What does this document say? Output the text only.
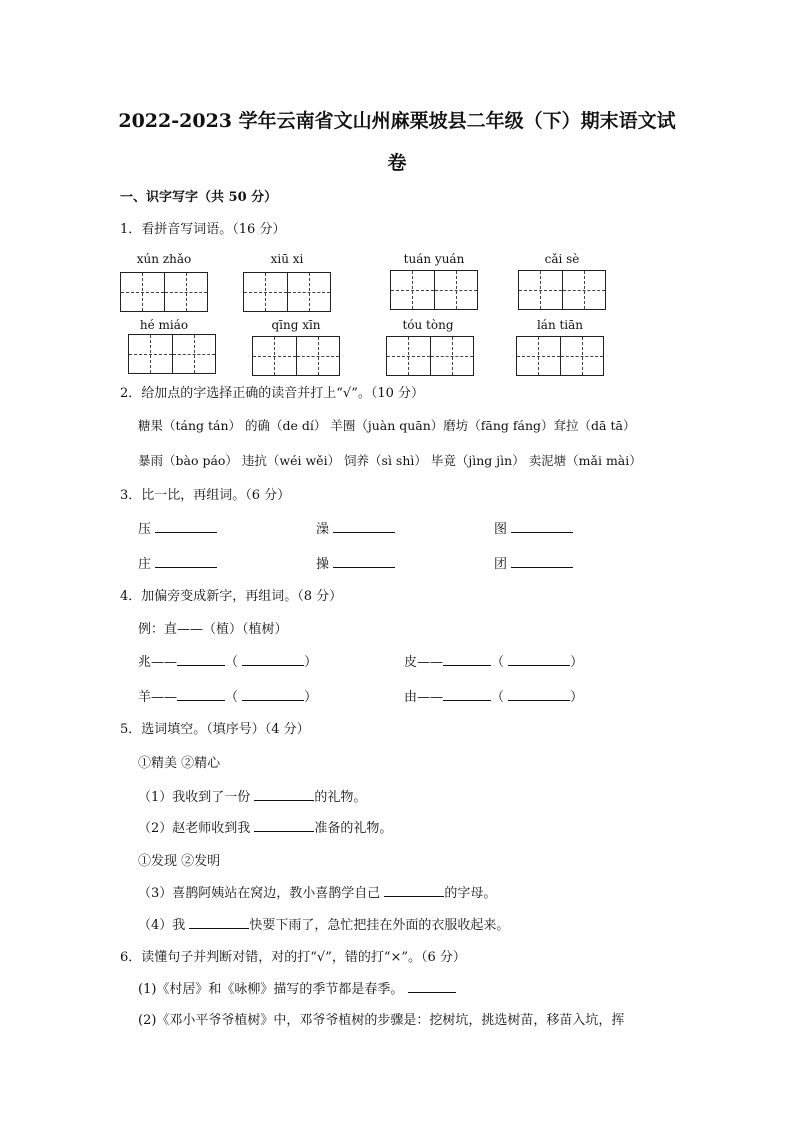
2022-2023 学年云南省文山州麻栗坡县二年级（下）期末语文试
卷
一、识字写字（共 50 分）
1．看拼音写词语。（16 分）
xún zhǎo	xiū xi	tuán yuán	cǎi sè
hé miáo	qīng xīn	tóu tòng	lán tiān
2．给加点的字选择正确的读音并打上“√”。（10 分）
糖果（táng tán） 的确（de dí） 羊圈（juàn quān）磨坊（fāng fáng）耷拉（dā tā）
暴雨（bào páo） 违抗（wéi wěi） 饲养（sì shì） 毕竟（jìng jìn） 卖泥塘（mǎi mài）
3．比一比，再组词。（6 分）
压	澡	图
庄	操	团
4．加偏旁变成新字，再组词。（8 分）
例：直——（植）（植树）
兆——	（	）	皮——	（	）
羊——	（	）	由——	（	）
5．选词填空。（填序号）（4 分）
①精美 ②精心
（1）我收到了一份	的礼物。
（2）赵老师收到我	准备的礼物。
①发现 ②发明
（3）喜鹊阿姨站在窝边，教小喜鹊学自己	的字母。
（4）我	快要下雨了，急忙把挂在外面的衣服收起来。
6．读懂句子并判断对错，对的打“√”，错的打“×”。（6 分）
(1)《村居》和《咏柳》描写的季节都是春季。
(2)《邓小平爷爷植树》中，邓爷爷植树的步骤是：挖树坑，挑选树苗，移苗入坑，挥
